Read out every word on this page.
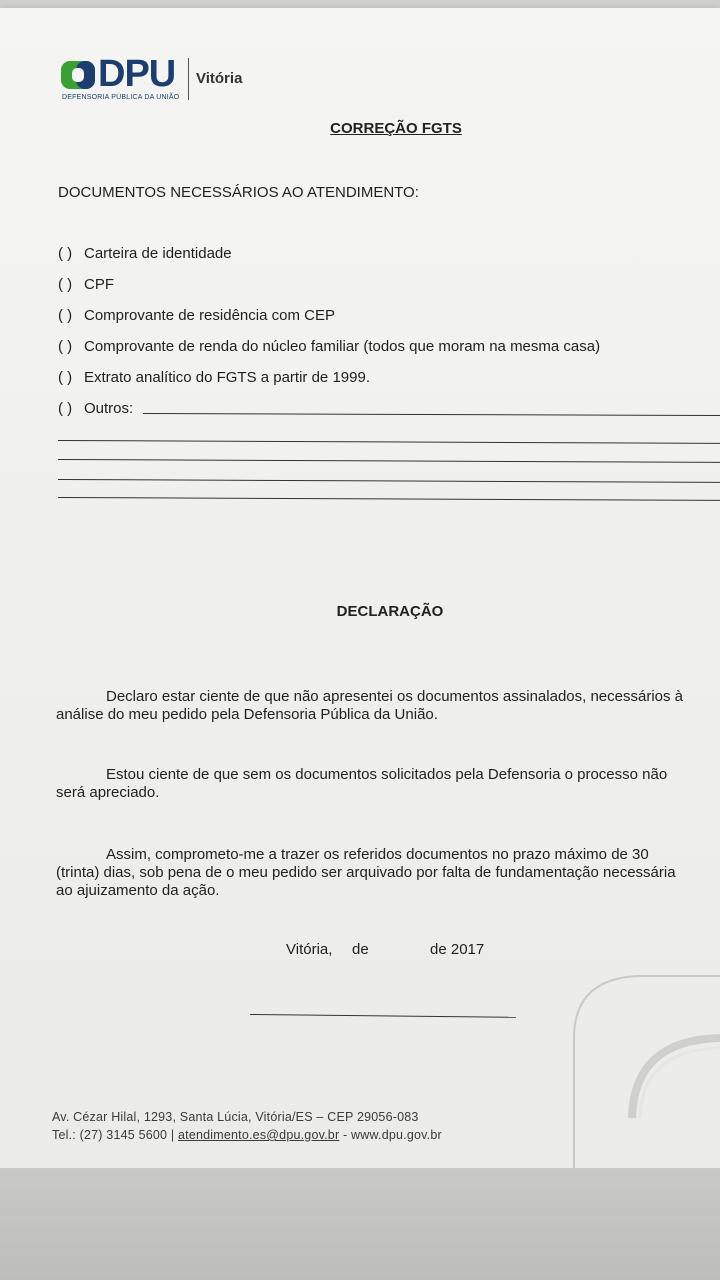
DPU
DEFENSORIA PÚBLICA DA UNIÃO
Vitória
CORREÇÃO FGTS
DOCUMENTOS NECESSÁRIOS AO ATENDIMENTO:
( ) Carteira de identidade
( ) CPF
( ) Comprovante de residência com CEP
( ) Comprovante de renda do núcleo familiar (todos que moram na mesma casa)
( ) Extrato analítico do FGTS a partir de 1999.
( ) Outros:
DECLARAÇÃO
Declaro estar ciente de que não apresentei os documentos assinalados, necessários à análise do meu pedido pela Defensoria Pública da União.
Estou ciente de que sem os documentos solicitados pela Defensoria o processo não será apreciado.
Assim, comprometo-me a trazer os referidos documentos no prazo máximo de 30 (trinta) dias, sob pena de o meu pedido ser arquivado por falta de fundamentação necessária ao ajuizamento da ação.
Vitória, de	de 2017
Av. Cézar Hilal, 1293, Santa Lúcia, Vitória/ES – CEP 29056-083
Tel.: (27) 3145 5600 | atendimento.es@dpu.gov.br - www.dpu.gov.br
